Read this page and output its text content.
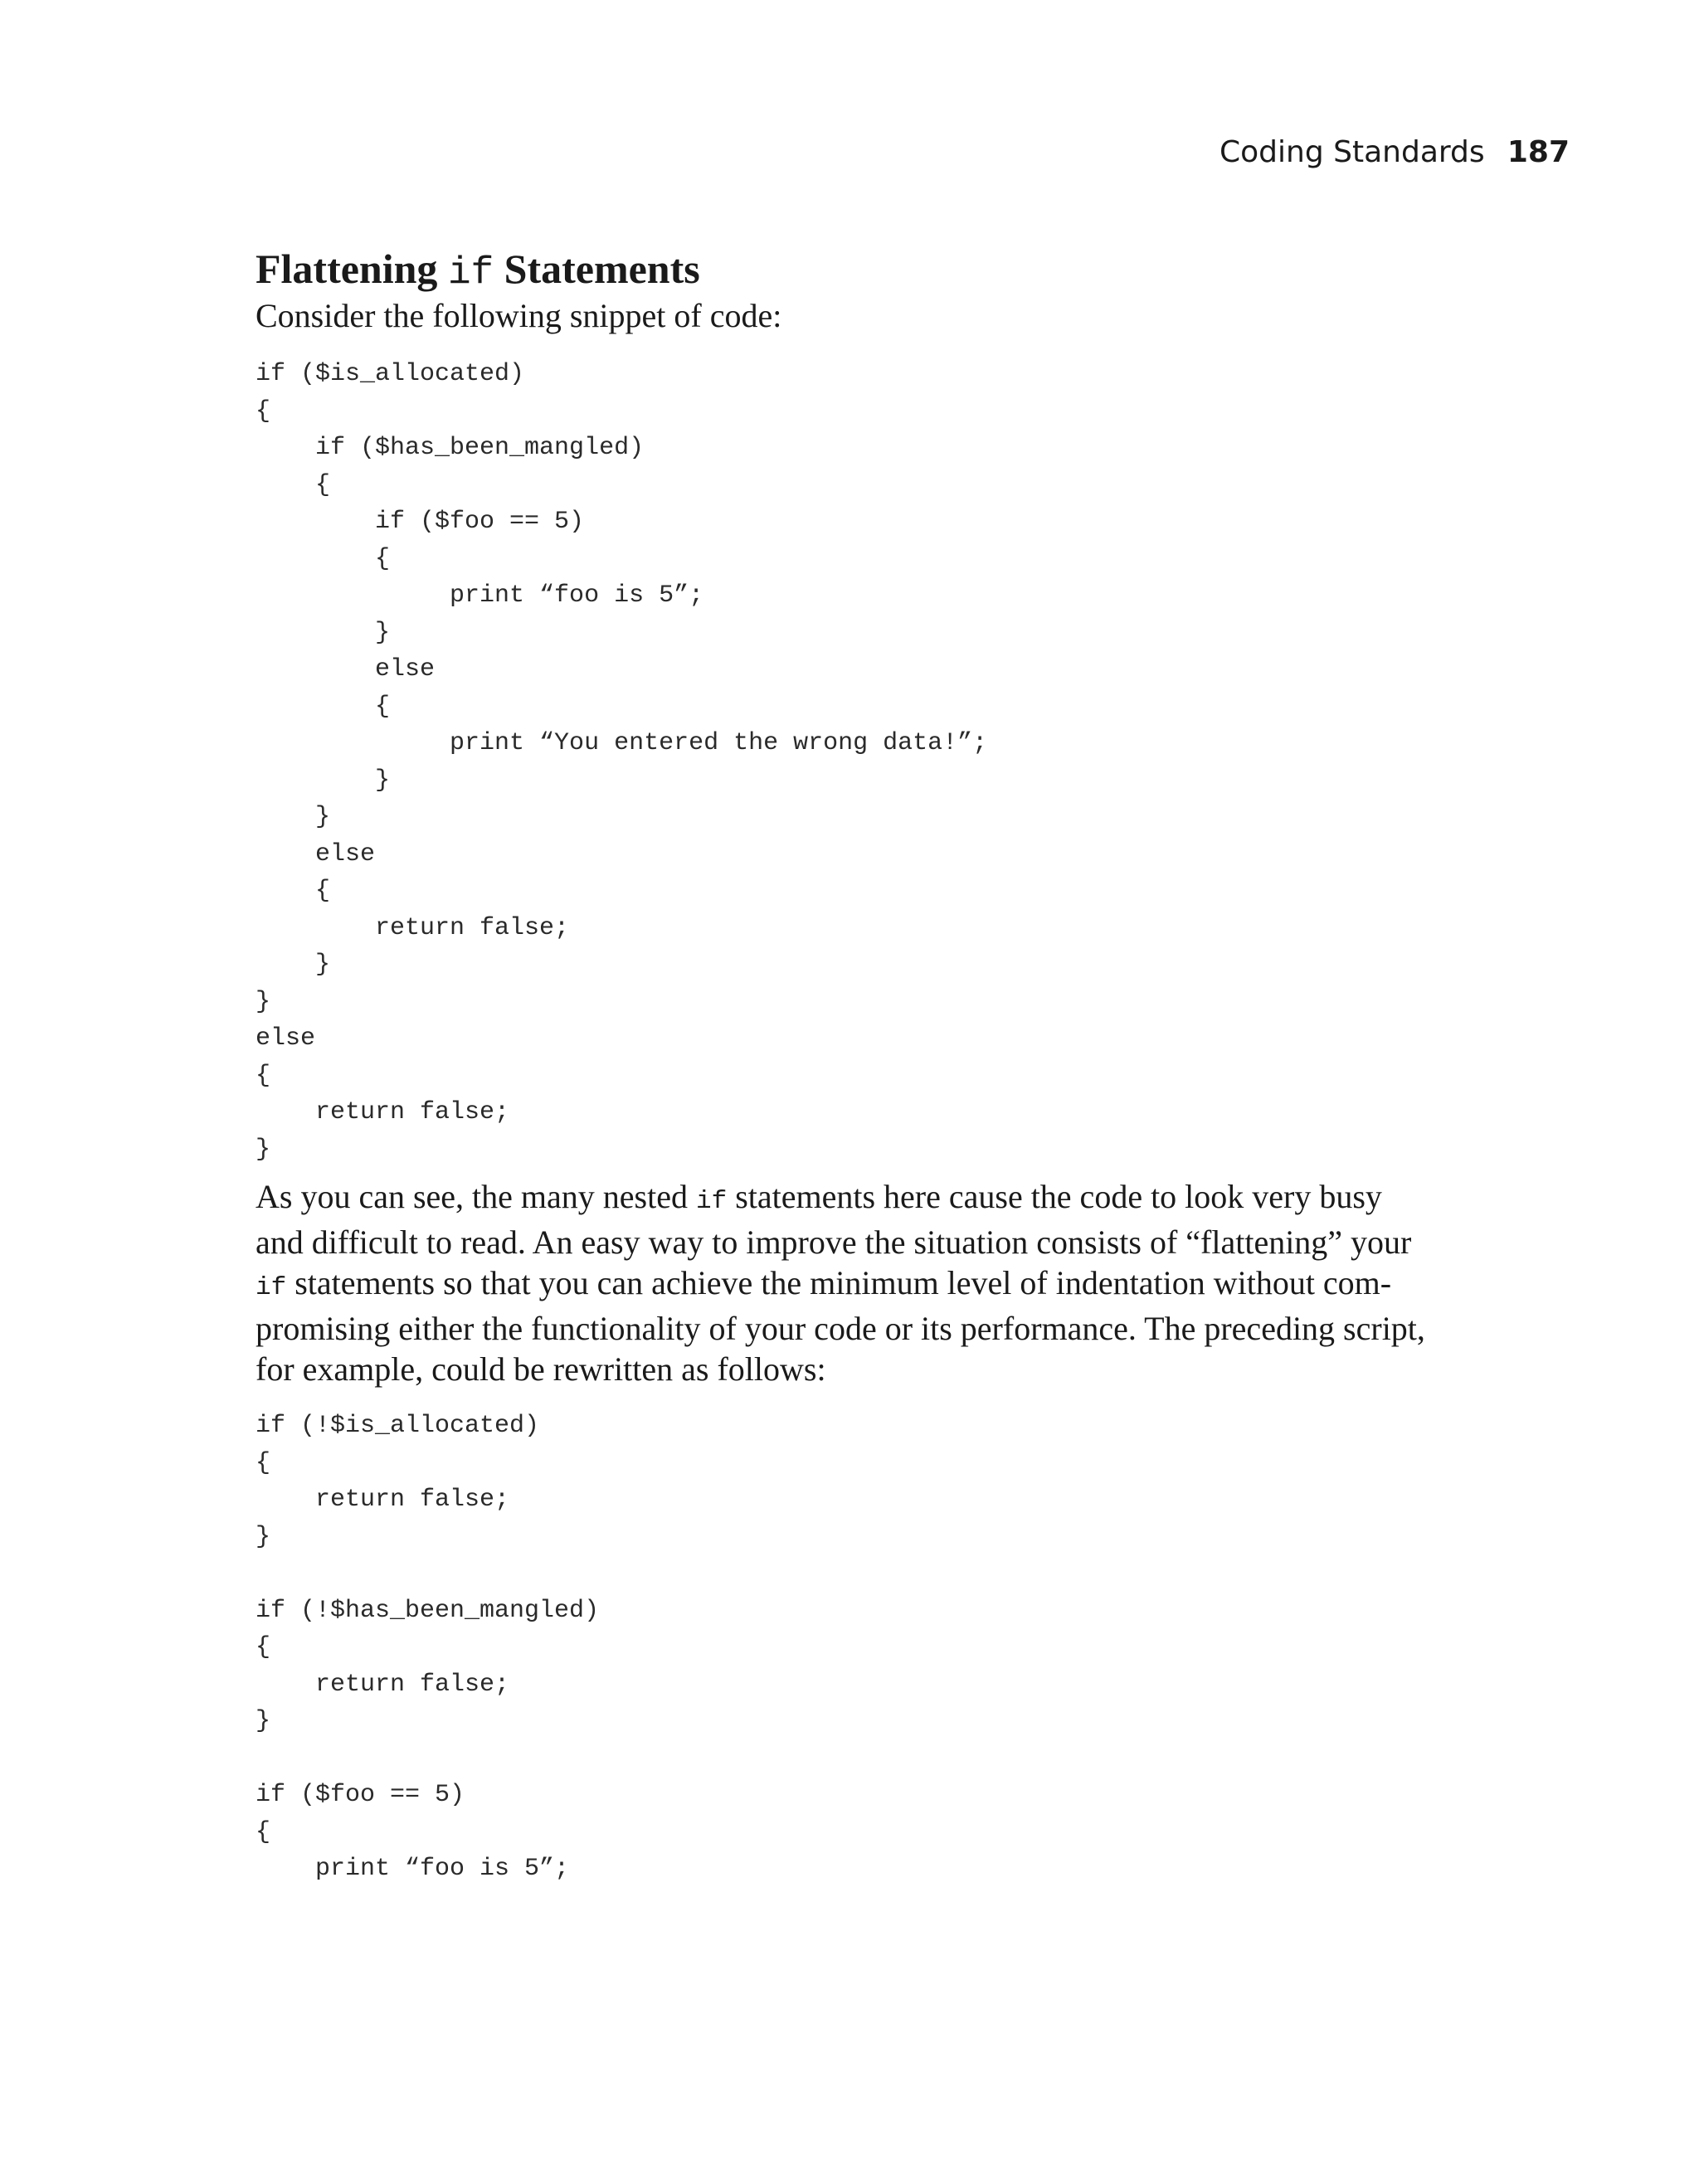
Coding Standards 187
Flattening if Statements

Consider the following snippet of code:

if ($is_allocated)
{
if ($has_been_mangled)
{
if ($foo == 5)
{
print “foo is 5”;
}
else
{
print “You entered the wrong data!”;
}
}
else
{
return false;
}
}
else
{
return false;
}
As you can see, the many nested if statements here cause the code to look very busy
and difficult to read. An easy way to improve the situation consists of “flattening” your
if statements so that you can achieve the minimum level of indentation without com-
promising either the functionality of your code or its performance. The preceding script,
for example, could be rewritten as follows:
if (!$is_allocated)
{
return false;
}

if (!$has_been_mangled)
{
return false;
}

if ($foo == 5)
{
print “foo is 5”;
